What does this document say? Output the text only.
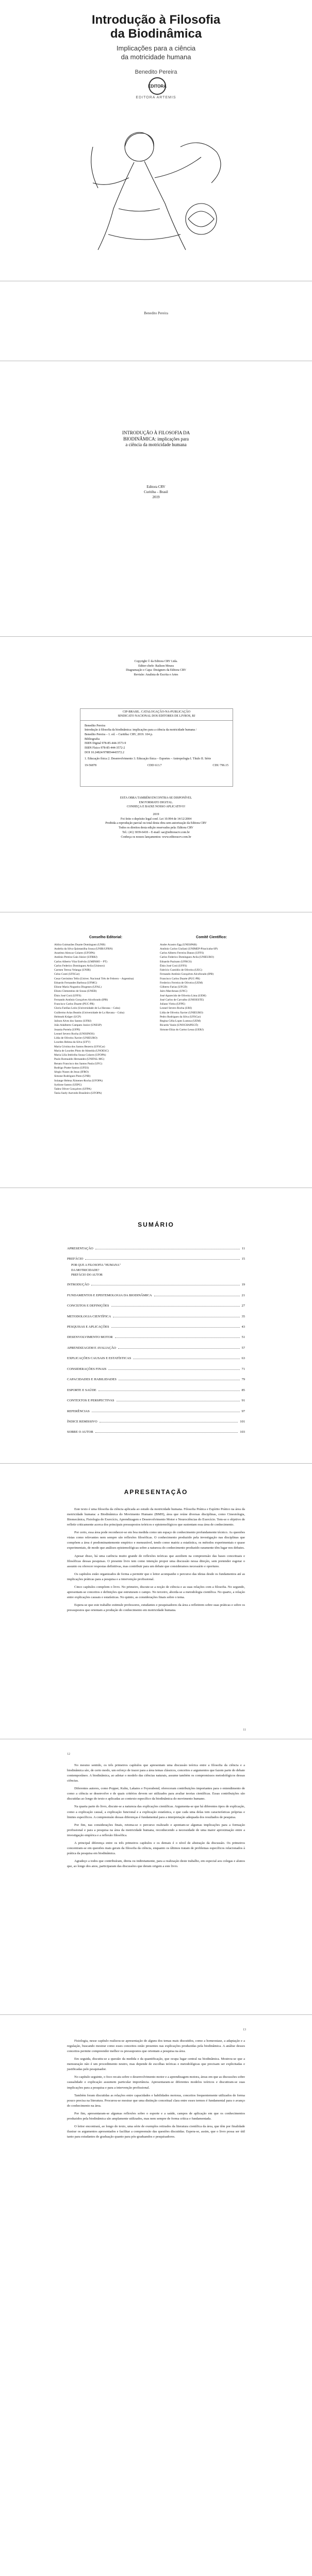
Introdução à Filosofia
da Biodinâmica
Implicações para a ciência
da motricidade humana
Benedito Pereira
EDITORA
EDITORA ARTEMIS
Benedito Pereira
INTRODUÇÃO À FILOSOFIA DA
BIODINÂMICA: implicações para
a ciência da motricidade humana
Editora CRV
Curitiba – Brasil
2019
Copyright © da Editora CRV Ltda.
Editor-chefe: Railson Moura
Diagramação e Capa: Designers da Editora CRV
Revisão: Analista de Escrita e Artes
CIP-BRASIL. CATALOGAÇÃO-NA-PUBLICAÇÃO
SINDICATO NACIONAL DOS EDITORES DE LIVROS, RJ
Benedito Pereira
Introdução à filosofia da biodinâmica: implicações para a ciência da motricidade humana /
Benedito Pereira – 1. ed. – Curitiba: CRV, 2019. 104 p.
Bibliografia
ISBN Digital 978-85-444-3573-9
ISBN Físico 978-85-444-3572-2
DOI 10.24824/978854443572.2
1. Educação física 2. Desenvolvimento 3. Educação física – Esportes – Antropologia I. Título II. Série
19-56878	CDD 613.7	CDU 796.15
ESTA OBRA TAMBÉM ENCONTRA-SE DISPONÍVEL
EM FORMATO DIGITAL.
CONHEÇA E BAIXE NOSSO APLICATIVO!
2019
Foi feito o depósito legal conf. Lei 10.994 de 14/12/2004
Proibida a reprodução parcial ou total desta obra sem autorização da Editora CRV
Todos os direitos desta edição reservados pela: Editora CRV
Tel.: (41) 3039-6418 – E-mail: sac@editoracrv.com.br
Conheça os nossos lançamentos: www.editoracrv.com.br
Conselho Editorial:
Aldira Guimarães Duarte Domínguez (UNB)
Andréia da Silva Quintanilha Sousa (UNIR/UFRN)
Anselmo Alencar Colares (UFOPA)
Antônio Pereira Gaio Júnior (UFRRJ)
Carlos Alberto Vilar Estêvão (UMINHO – PT)
Carlos Federico Dominguez Avila (Unieuro)
Carmen Tereza Velanga (UNIR)
Celso Conti (UFSCar)
Cesar Gerónimo Tello (Univer. Nacional Três de Febrero – Argentina)
Eduardo Fernandes Barbosa (UFMG)
Elione Maria Nogueira Diogenes (UFAL)
Elizeu Clementino de Souza (UNEB)
Élsio José Corá (UFFS)
Fernando Antônio Gonçalves Alcoforado (IPB)
Francisco Carlos Duarte (PUC-PR)
Gloria Fariñas León (Universidade de La Havana – Cuba)
Guillermo Arias Beatón (Universidade de La Havana – Cuba)
Helmuth Krüger (UCP)
Jailson Alves dos Santos (UFRJ)
João Adalberto Campato Junior (UNESP)
Josania Portela (UFPI)
Leonel Severo Rocha (UNISINOS)
Lídia de Oliveira Xavier (UNIEURO)
Lourdes Helena da Silva (UFV)
Maria Cristina dos Santos Bezerra (UFSCar)
Maria de Lourdes Pinto de Almeida (UNOESC)
Maria Lília Imbiriba Sousa Colares (UFOPA)
Paulo Romualdo Hernandes (UNIFAL-MG)
Renato Francisco dos Santos Paula (UFG)
Rodrigo Pratte-Santos (UFES)
Sérgio Nunes de Jesus (IFRO)
Simone Rodrigues Pinto (UNB)
Solange Helena Ximenes-Rocha (UFOPA)
Sydione Santos (UEPG)
Tadeu Oliver Gonçalves (UFPA)
Tania Suely Azevedo Brasileiro (UFOPA)
Comitê Científico:
Andre Acastro Egg (UNESPAR)
Antônio Carlos Giuliani (UNIMEP-Piracicaba-SP)
Carlos Alberto Ferreira Danon (UFFS)
Carlos Federico Dominguez Avila (UNIEURO)
Eduardo Pazinato (UFRGS)
Élsio José Corá (UFFS)
Fabrício Custódio de Oliveira (UEG)
Fernando Antônio Gonçalves Alcoforado (IPB)
Francisco Carlos Duarte (PUC-PR)
Frederico Ferreira de Oliveira (UEM)
Gilberto Farias (UFGD)
Jairo Marchesan (UNC)
José Aparecido de Oliveira Lima (UEM)
José Carlos de Carvalho (UNIOESTE)
Juliano Vieira (UFPE)
Leonel Severo Rocha (URI)
Lídia de Oliveira Xavier (UNIEURO)
Pedro Rodrigues da Silva (UFSCar)
Regina Célia Lopes Lustosa (UEM)
Ricardo Vanin (UNOCHAPECÓ)
Simone Eliza do Carmo Lessa (UERJ)
SUMÁRIO
APRESENTAÇÃO	11
PREFÁCIO	15
POR QUE A FILOSOFIA "HUMANA"
DA MOTRICIDADE?
PREFÁCIO DO AUTOR
INTRODUÇÃO	19
FUNDAMENTOS E EPISTEMOLOGIA DA BIODINÂMICA	21
CONCEITOS E DEFINIÇÕES	27
METODOLOGIA CIENTÍFICA	35
PESQUISAS E APLICAÇÕES	43
DESENVOLVIMENTO MOTOR	51
APRENDIZAGEM E AVALIAÇÃO	57
EXPLICAÇÕES CAUSAIS E ESTATÍSTICAS	63
CONSIDERAÇÕES FINAIS	71
CAPACIDADES E HABILIDADES	79
ESPORTE E SAÚDE	85
CONTEXTOS E PERSPECTIVAS	91
REFERÊNCIAS	97
ÍNDICE REMISSIVO	101
SOBRE O AUTOR	103
APRESENTAÇÃO

Este texto é uma filosofia da ciência aplicada ao estudo da motricidade humana. Filosofia Prática e Espírito Prático na área da motricidade humana: a Biodinâmica do Movimento Humano (BMH), área que reúne diversas disciplinas, como Cinesiologia, Biomecânica, Fisiologia do Exercício, Aprendizagem e Desenvolvimento Motor e Neurociências do Exercício. Tem-se o objetivo de refletir criticamente acerca dos principais pressupostos teóricos e epistemológicos que sustentam essa área de conhecimento.

Por certo, essa área pode reconhecer-se em boa medida como um espaço de conhecimento profundamente técnico. As questões vistas como relevantes nem sempre são reflexões filosóficas. O conhecimento produzido pela investigação nas disciplinas que compõem a área é predominantemente empírico e mensurável, tendo como matriz a estatística, os métodos experimentais e quase experimentais, de modo que análises epistemológicas sobre a natureza do conhecimento produzido raramente têm lugar nos debates.

Apesar disso, há uma carência muito grande de reflexões teóricas que auxiliem na compreensão das bases conceituais e filosóficas dessas pesquisas. O presente livro tem como intenção propor uma discussão nessa direção, sem pretender esgotar o assunto ou oferecer respostas definitivas, mas contribuir para um debate que consideramos necessário e oportuno.

Os capítulos estão organizados de forma a permitir que o leitor acompanhe o percurso das ideias desde os fundamentos até as implicações práticas para a pesquisa e a intervenção profissional.

Cinco capítulos compõem o livro. No primeiro, discute-se a noção de ciência e as suas relações com a filosofia. No segundo, apresentam-se conceitos e definições que estruturam o campo. No terceiro, aborda-se a metodologia científica. No quarto, a relação entre explicações causais e estatísticas. No quinto, as considerações finais sobre o tema.

Espera-se que este trabalho estimule professores, estudantes e pesquisadores da área a refletirem sobre suas práticas e sobre os pressupostos que orientam a produção do conhecimento em motricidade humana.

11
12

No mesmo sentido, os três primeiros capítulos que apresentam uma discussão teórica entre a filosofia da ciência e a biodinâmica são, de certo modo, um esforço de trazer para a área temas clássicos, conceitos e argumentos que fazem parte do debate contemporâneo. A biodinâmica, ao adotar o modelo das ciências naturais, assume também os compromissos metodológicos dessas ciências.

Diferentes autores, como Popper, Kuhn, Lakatos e Feyerabend, ofereceram contribuições importantes para o entendimento de como a ciência se desenvolve e de quais critérios devem ser utilizados para avaliar teorias científicas. Essas contribuições são discutidas ao longo do texto e aplicadas ao contexto específico da biodinâmica do movimento humano.

Na quarta parte do livro, discute-se a natureza das explicações científicas. Argumenta-se que há diferentes tipos de explicação, como a explicação causal, a explicação funcional e a explicação estatística, e que cada uma delas tem características próprias e limites específicos. A compreensão dessas diferenças é fundamental para a interpretação adequada dos resultados de pesquisa.

Por fim, nas considerações finais, retoma-se o percurso realizado e apontam-se algumas implicações para a formação profissional e para a pesquisa na área da motricidade humana, reconhecendo a necessidade de uma maior aproximação entre a investigação empírica e a reflexão filosófica.

A principal diferença entre os três primeiros capítulos e os demais é o nível de abstração da discussão. Os primeiros concentram-se em questões mais gerais da filosofia da ciência, enquanto os últimos tratam de problemas específicos relacionados à prática da pesquisa em biodinâmica.

Agradeço a todos que contribuíram, direta ou indiretamente, para a realização deste trabalho, em especial aos colegas e alunos que, ao longo dos anos, participaram das discussões que deram origem a este livro.

13

Fisiologia, nesse capítulo realizou-se apresentação de alguns dos temas mais discutidos, como a homeostase, a adaptação e a regulação, buscando mostrar como esses conceitos estão presentes nas explicações produzidas pela biodinâmica. A análise desses conceitos permite compreender melhor os pressupostos que orientam a pesquisa na área.

Em seguida, discutiu-se a questão da medida e da quantificação, que ocupa lugar central na biodinâmica. Mostrou-se que a mensuração não é um procedimento neutro, mas depende de escolhas teóricas e metodológicas que precisam ser explicitadas e justificadas pelo pesquisador.

No capítulo seguinte, o foco recaiu sobre o desenvolvimento motor e a aprendizagem motora, áreas em que as discussões sobre causalidade e explicação assumem particular importância. Apresentaram-se diferentes modelos teóricos e discutiram-se suas implicações para a pesquisa e para a intervenção profissional.

Também foram discutidas as relações entre capacidades e habilidades motoras, conceitos frequentemente utilizados de forma pouco precisa na literatura. Procurou-se mostrar que uma distinção conceitual clara entre esses termos é fundamental para o avanço do conhecimento na área.

Por fim, apresentaram-se algumas reflexões sobre o esporte e a saúde, campos de aplicação em que os conhecimentos produzidos pela biodinâmica são amplamente utilizados, mas nem sempre de forma crítica e fundamentada.

O leitor encontrará, ao longo do texto, uma série de exemplos retirados da literatura científica da área, que têm por finalidade ilustrar os argumentos apresentados e facilitar a compreensão das questões discutidas. Espera-se, assim, que o livro possa ser útil tanto para estudantes de graduação quanto para pós-graduandos e pesquisadores.
